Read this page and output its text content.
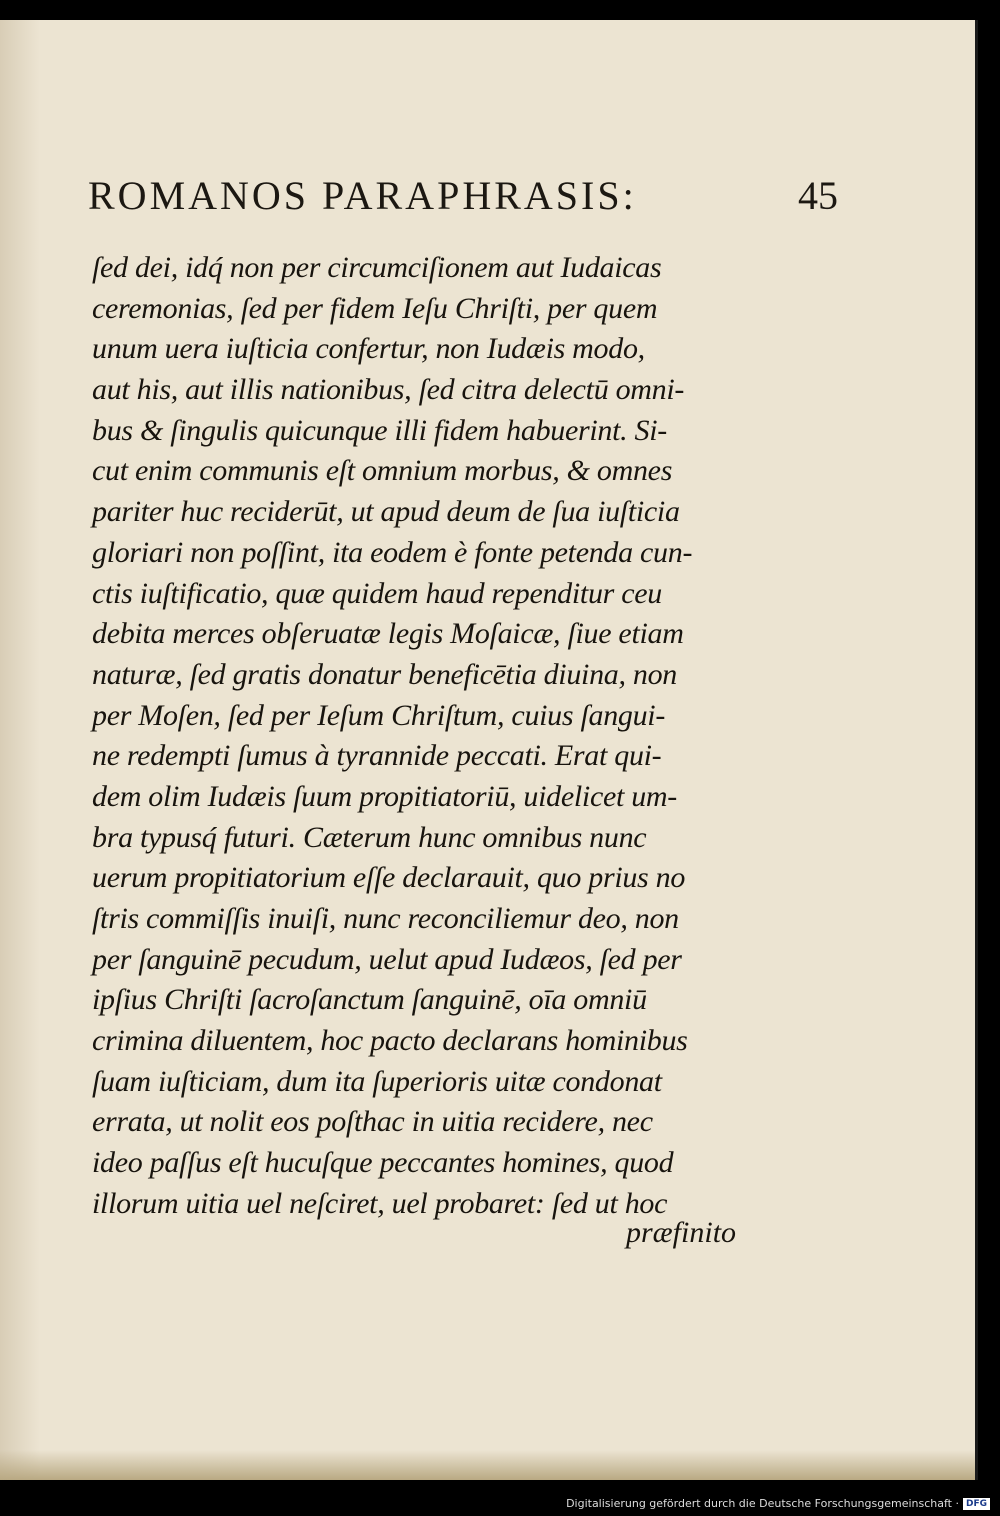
ROMANOS PARAPHRASIS:	45
ſed dei, idq́ non per circumciſionem aut Iudaicas
ceremonias, ſed per fidem Ieſu Chriſti, per quem
unum uera iuſticia confertur, non Iudæis modo,
aut his, aut illis nationibus, ſed citra delectū omni-
bus & ſingulis quicunque illi fidem habuerint. Si-
cut enim communis eſt omnium morbus, & omnes
pariter huc reciderūt, ut apud deum de ſua iuſticia
gloriari non poſſint, ita eodem è fonte petenda cun-
ctis iuſtificatio, quæ quidem haud rependitur ceu
debita merces obſeruatæ legis Moſaicæ, ſiue etiam
naturæ, ſed gratis donatur beneficētia diuina, non
per Moſen, ſed per Ieſum Chriſtum, cuius ſangui-
ne redempti ſumus à tyrannide peccati. Erat qui-
dem olim Iudæis ſuum propitiatoriū, uidelicet um-
bra typusq́ futuri. Cæterum hunc omnibus nunc
uerum propitiatorium eſſe declarauit, quo prius no
ſtris commiſſis inuiſi, nunc reconciliemur deo, non
per ſanguinē pecudum, uelut apud Iudæos, ſed per
ipſius Chriſti ſacroſanctum ſanguinē, oīa omniū
crimina diluentem, hoc pacto declarans hominibus
ſuam iuſticiam, dum ita ſuperioris uitæ condonat
errata, ut nolit eos poſthac in uitia recidere, nec
ideo paſſus eſt hucuſque peccantes homines, quod
illorum uitia uel neſciret, uel probaret: ſed ut hoc
præfinito
Digitalisierung gefördert durch die Deutsche Forschungsgemeinschaft · DFG
